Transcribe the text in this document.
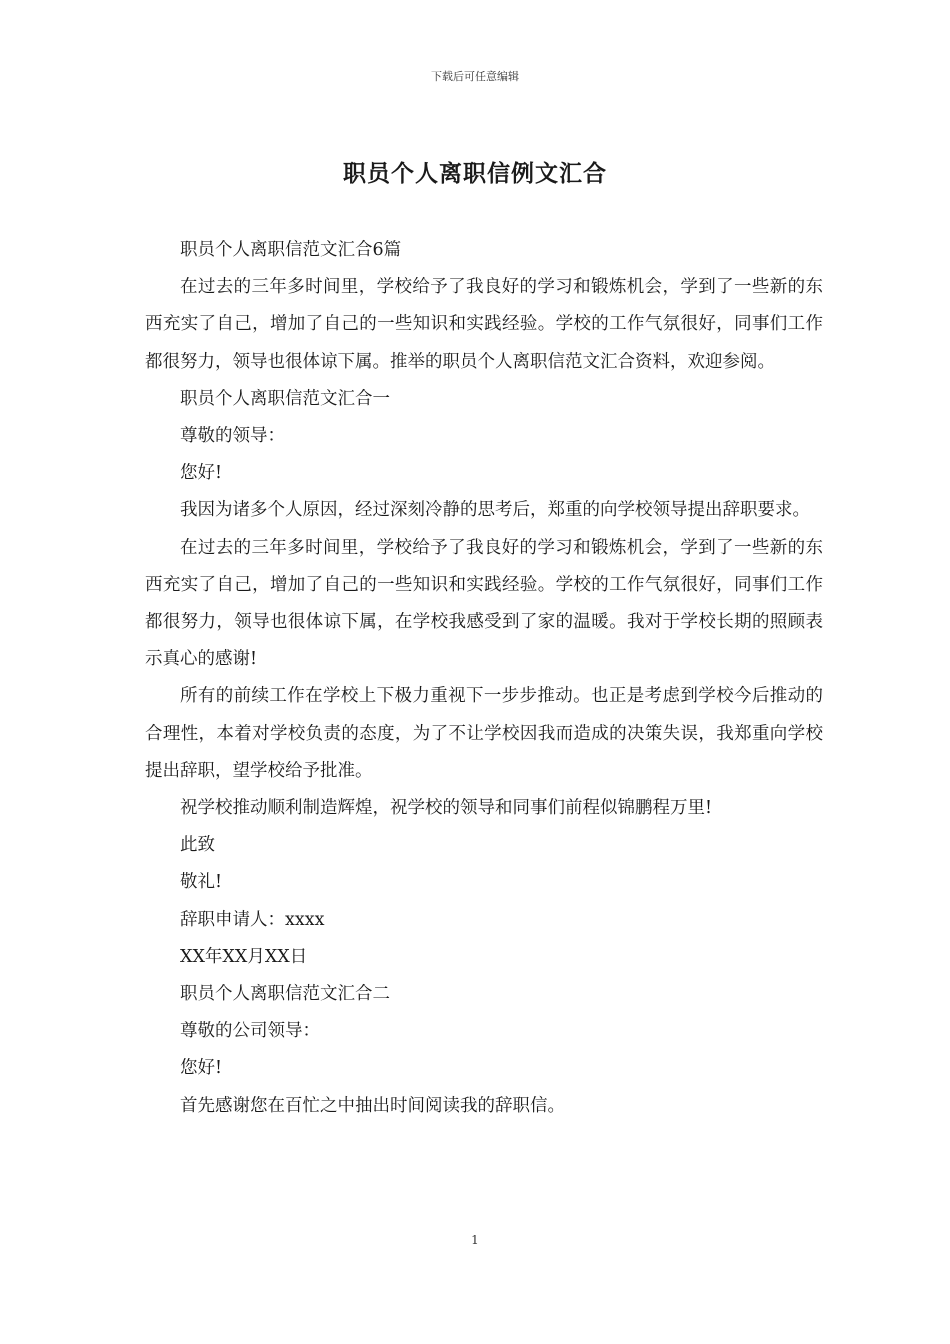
下载后可任意编辑
职员个人离职信例文汇合

职员个人离职信范文汇合6篇

在过去的三年多时间里，学校给予了我良好的学习和锻炼机会，学到了一些新的东西充实了自己，增加了自己的一些知识和实践经验。学校的工作气氛很好，同事们工作都很努力，领导也很体谅下属。推举的职员个人离职信范文汇合资料，欢迎参阅。

职员个人离职信范文汇合一

尊敬的领导：

您好!

我因为诸多个人原因，经过深刻冷静的思考后，郑重的向学校领导提出辞职要求。

在过去的三年多时间里，学校给予了我良好的学习和锻炼机会，学到了一些新的东西充实了自己，增加了自己的一些知识和实践经验。学校的工作气氛很好，同事们工作都很努力，领导也很体谅下属，在学校我感受到了家的温暖。我对于学校长期的照顾表示真心的感谢!

所有的前续工作在学校上下极力重视下一步步推动。也正是考虑到学校今后推动的合理性，本着对学校负责的态度，为了不让学校因我而造成的决策失误，我郑重向学校提出辞职，望学校给予批准。

祝学校推动顺利制造辉煌，祝学校的领导和同事们前程似锦鹏程万里!

此致

敬礼!

辞职申请人：xxxx

XX年XX月XX日

职员个人离职信范文汇合二

尊敬的公司领导：

您好!

首先感谢您在百忙之中抽出时间阅读我的辞职信。

1
